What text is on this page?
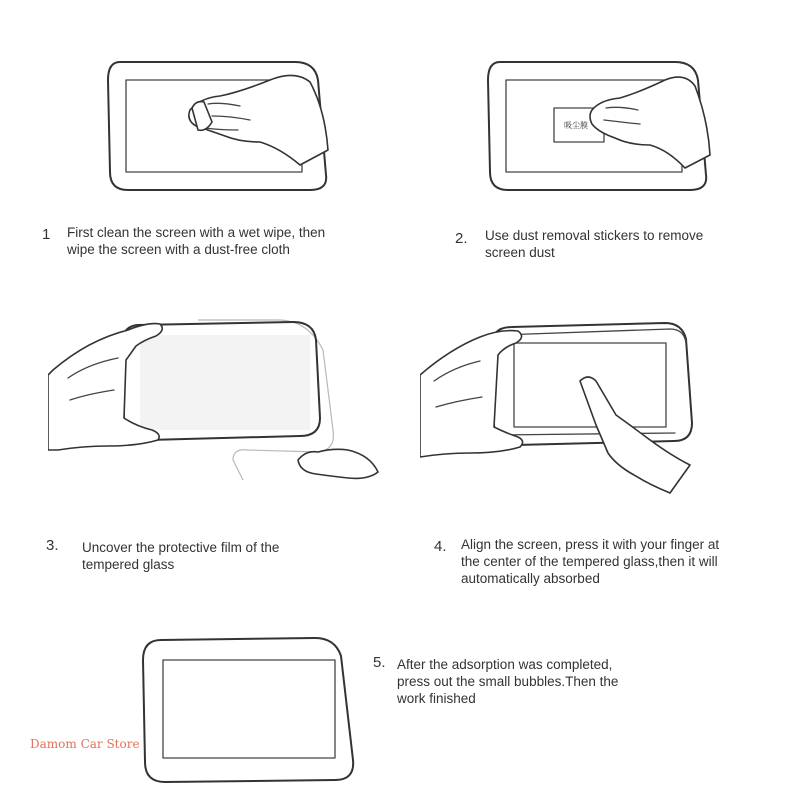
吸尘膜
1 First clean the screen with a wet wipe, then
wipe the screen with a dust-free cloth
2. Use dust removal stickers to remove
screen dust
3. Uncover the protective film of the
tempered glass
4. Align the screen, press it with your finger at
the center of the tempered glass,then it will
automatically absorbed
5. After the adsorption was completed,
press out the small bubbles.Then the
work finished
Damom Car Store
